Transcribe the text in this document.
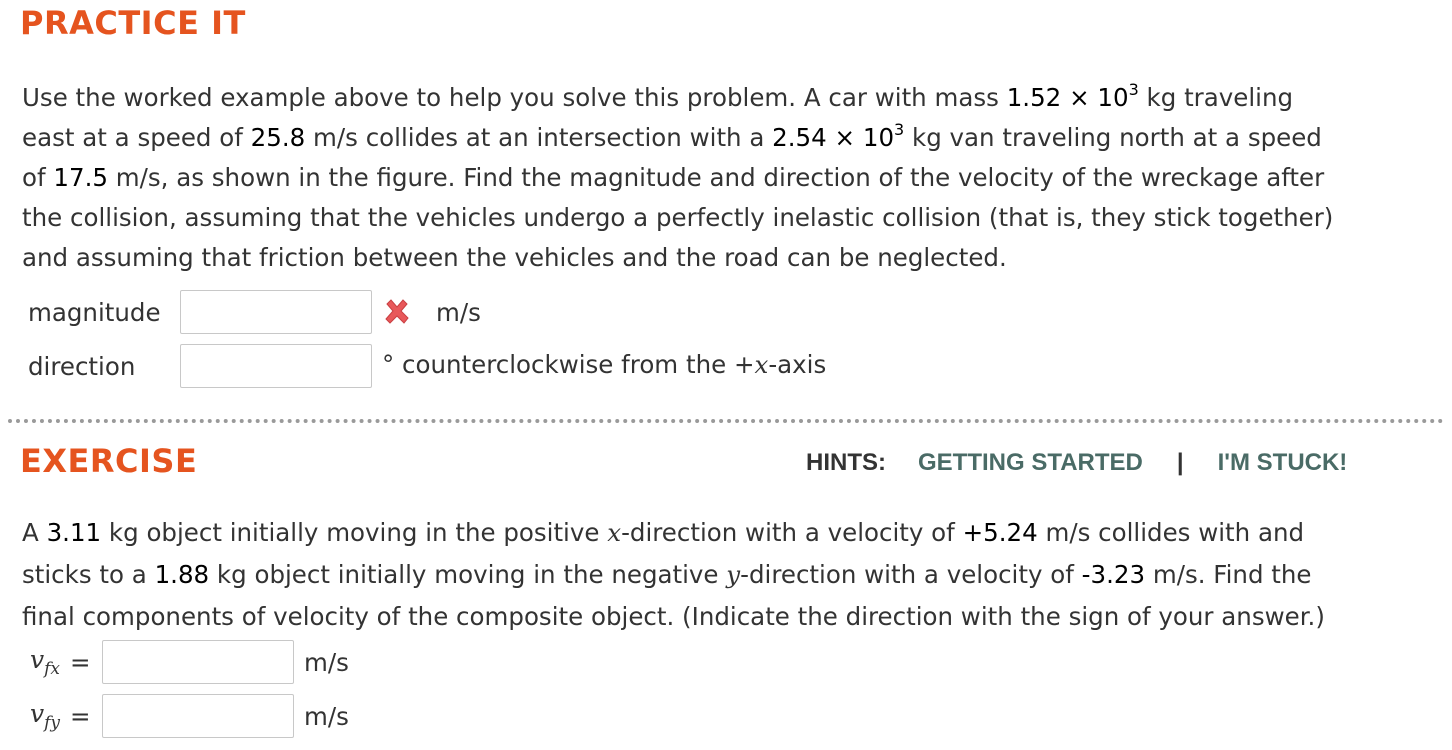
PRACTICE IT

Use the worked example above to help you solve this problem. A car with mass $1.52 \times 10^3$ kg traveling
east at a speed of 25.8 m/s collides at an intersection with a $2.54 \times 10^3$ kg van traveling north at a speed
of 17.5 m/s, as shown in the figure. Find the magnitude and direction of the velocity of the wreckage after
the collision, assuming that the vehicles undergo a perfectly inelastic collision (that is, they stick together)
and assuming that friction between the vehicles and the road can be neglected.

magnitude	m/s
direction	° counterclockwise from the +x-axis
EXERCISE	HINTS: GETTING STARTED | I'M STUCK!

A 3.11 kg object initially moving in the positive x-direction with a velocity of +5.24 m/s collides with and
sticks to a 1.88 kg object initially moving in the negative y-direction with a velocity of -3.23 m/s. Find the
final components of velocity of the composite object. (Indicate the direction with the sign of your answer.)

$v_{fx}$ =	m/s
$v_{fy}$ =	m/s
